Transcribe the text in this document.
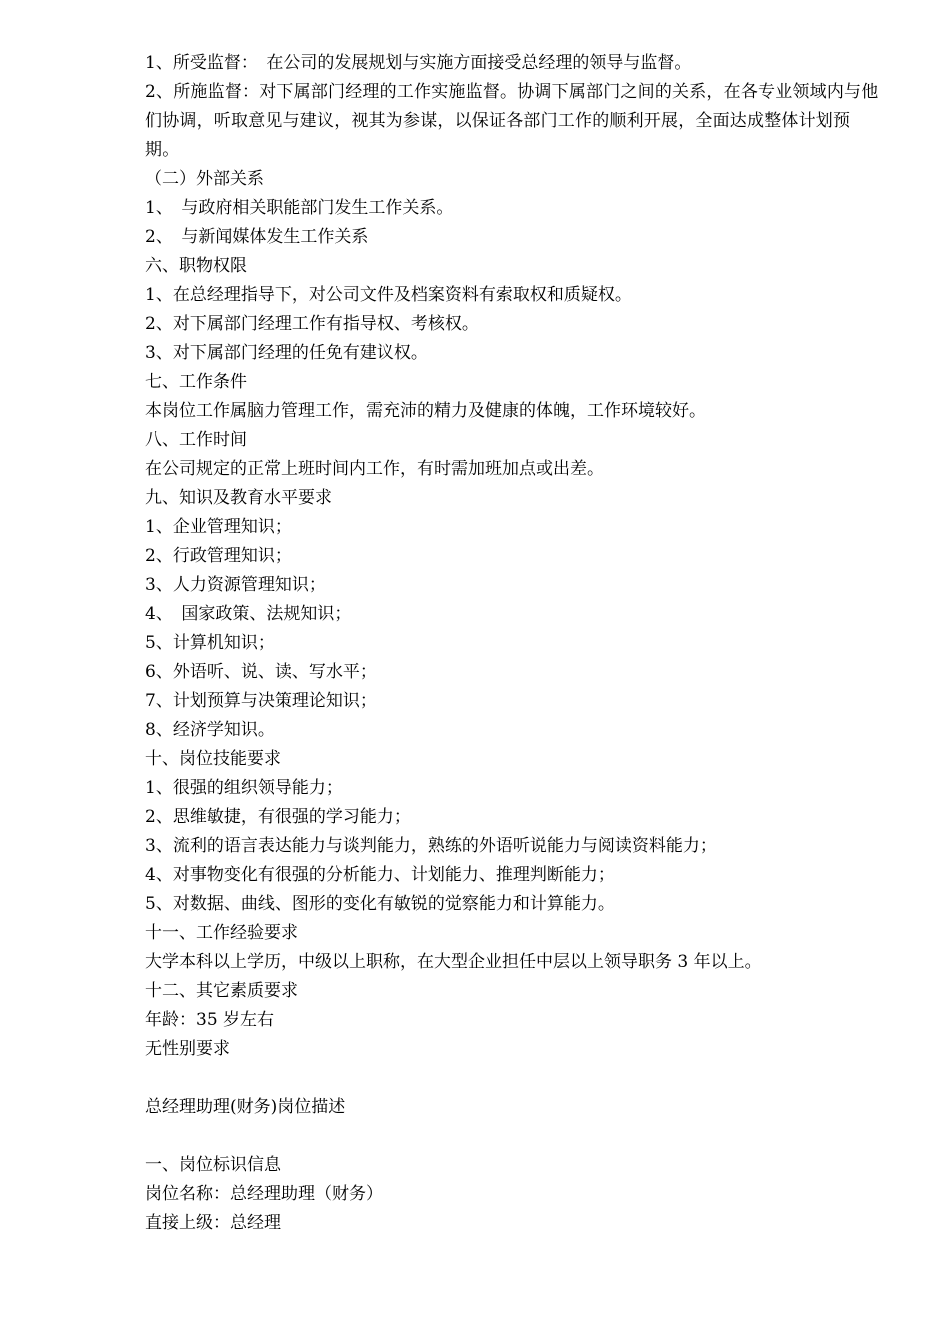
1、所受监督：　在公司的发展规划与实施方面接受总经理的领导与监督。
2、所施监督：对下属部门经理的工作实施监督。协调下属部门之间的关系，在各专业领域内与他们协调，听取意见与建议，视其为参谋，以保证各部门工作的顺利开展，全面达成整体计划预期。
（二）外部关系
1、　与政府相关职能部门发生工作关系。
2、　与新闻媒体发生工作关系
六、职物权限
1、在总经理指导下，对公司文件及档案资料有索取权和质疑权。
2、对下属部门经理工作有指导权、考核权。
3、对下属部门经理的任免有建议权。
七、工作条件
本岗位工作属脑力管理工作，需充沛的精力及健康的体魄，工作环境较好。
八、工作时间
在公司规定的正常上班时间内工作，有时需加班加点或出差。
九、知识及教育水平要求
1、企业管理知识；
2、行政管理知识；
3、人力资源管理知识；
4、　国家政策、法规知识；
5、计算机知识；
6、外语听、说、读、写水平；
7、计划预算与决策理论知识；
8、经济学知识。
十、岗位技能要求
1、很强的组织领导能力；
2、思维敏捷，有很强的学习能力；
3、流利的语言表达能力与谈判能力，熟练的外语听说能力与阅读资料能力；
4、对事物变化有很强的分析能力、计划能力、推理判断能力；
5、对数据、曲线、图形的变化有敏锐的觉察能力和计算能力。
十一、工作经验要求
大学本科以上学历，中级以上职称，在大型企业担任中层以上领导职务 3 年以上。
十二、其它素质要求
年龄：35 岁左右
无性别要求
总经理助理(财务)岗位描述
一、岗位标识信息
岗位名称：总经理助理（财务）
直接上级：总经理
